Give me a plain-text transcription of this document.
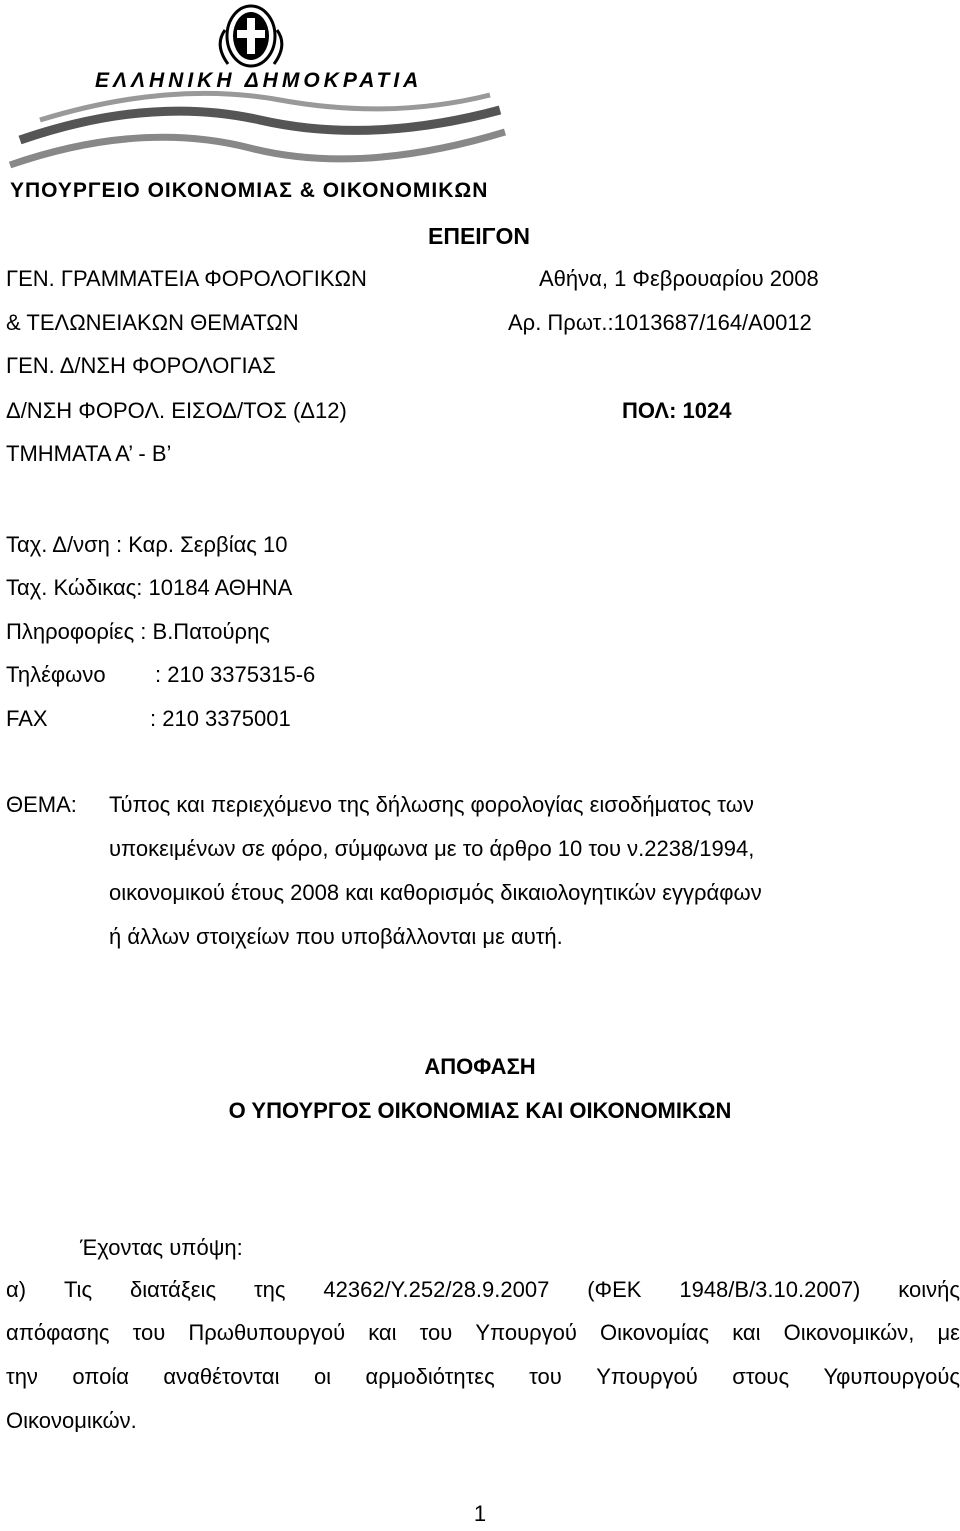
ΕΛΛΗΝΙΚΗ ΔΗΜΟΚΡΑΤΙΑ
ΥΠΟΥΡΓΕΙΟ ΟΙΚΟΝΟΜΙΑΣ & ΟΙΚΟΝΟΜΙΚΩΝ
ΕΠΕΙΓΟΝ
ΓΕΝ. ΓΡΑΜΜΑΤΕΙΑ ΦΟΡΟΛΟΓΙΚΩΝ
& ΤΕΛΩΝΕΙΑΚΩΝ ΘΕΜΑΤΩΝ
ΓΕΝ. Δ/ΝΣΗ ΦΟΡΟΛΟΓΙΑΣ
Δ/ΝΣΗ ΦΟΡΟΛ. ΕΙΣΟΔ/ΤΟΣ (Δ12)
ΤΜΗΜΑΤΑ Α’ - Β’
Αθήνα, 1 Φεβρουαρίου 2008
Αρ. Πρωτ.:1013687/164/Α0012
ΠΟΛ: 1024
Ταχ. Δ/νση : Καρ. Σερβίας 10
Ταχ. Κώδικας: 10184 ΑΘΗΝΑ
Πληροφορίες : Β.Πατούρης
Τηλέφωνο : 210 3375315-6
FAX	: 210 3375001
ΘΕΜΑ: Τύπος και περιεχόμενο της δήλωσης φορολογίας εισοδήματος των
υποκειμένων σε φόρο, σύμφωνα με το άρθρο 10 του ν.2238/1994,
οικονομικού έτους 2008 και καθορισμός δικαιολογητικών εγγράφων
ή άλλων στοιχείων που υποβάλλονται με αυτή.
ΑΠΟΦΑΣΗ
Ο ΥΠΟΥΡΓΟΣ ΟΙΚΟΝΟΜΙΑΣ ΚΑΙ ΟΙΚΟΝΟΜΙΚΩΝ
Έχοντας υπόψη:
α) Τις διατάξεις της 42362/Υ.252/28.9.2007 (ΦΕΚ 1948/Β/3.10.2007) κοινής
απόφασης του Πρωθυπουργού και του Υπουργού Οικονομίας και Οικονομικών, με
την οποία αναθέτονται οι αρμοδιότητες του Υπουργού στους Υφυπουργούς
Οικονομικών.
1
